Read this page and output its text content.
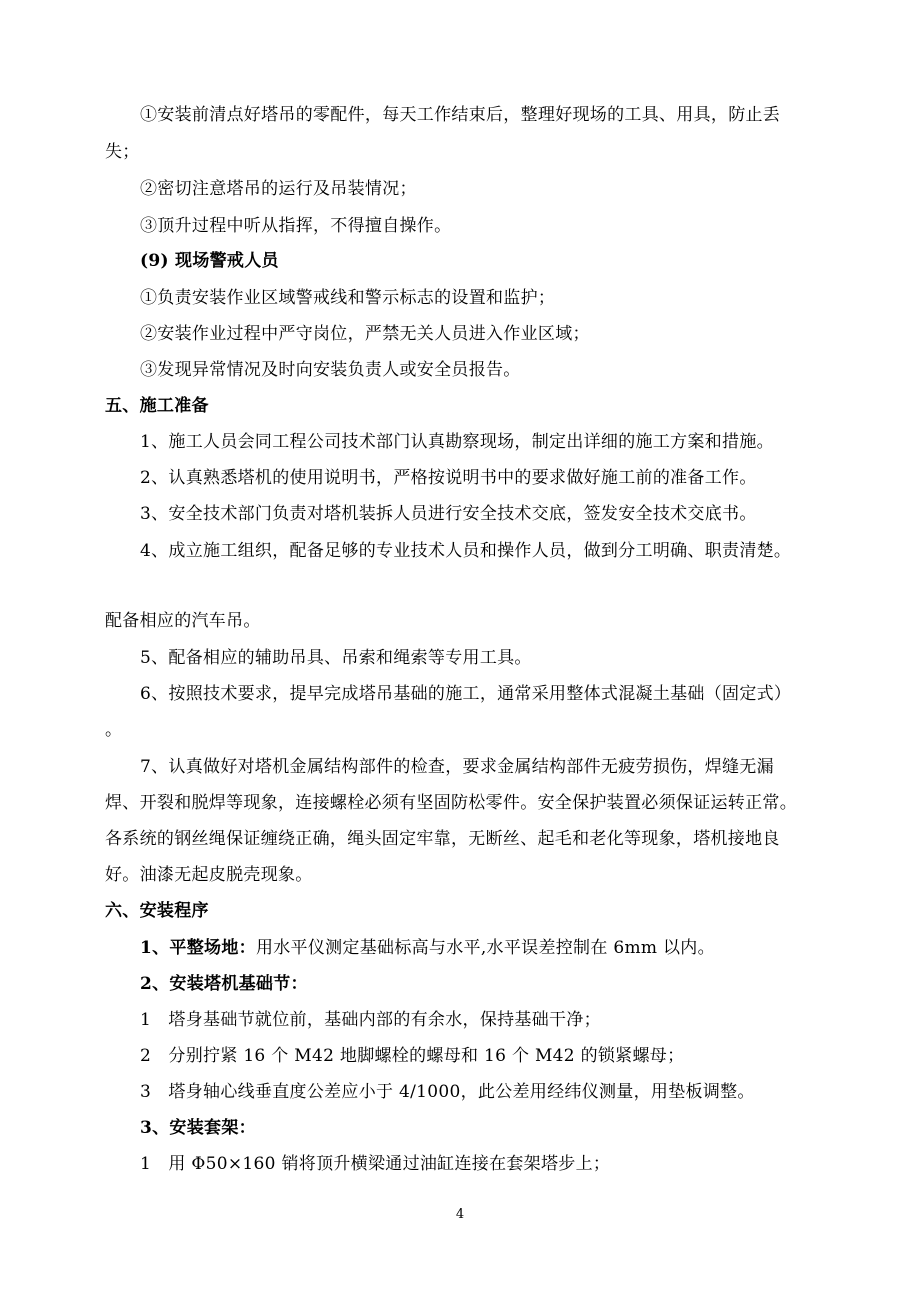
①安装前清点好塔吊的零配件，每天工作结束后，整理好现场的工具、用具，防止丢
失；
②密切注意塔吊的运行及吊装情况；
③顶升过程中听从指挥，不得擅自操作。
(9) 现场警戒人员
①负责安装作业区域警戒线和警示标志的设置和监护；
②安装作业过程中严守岗位，严禁无关人员进入作业区域；
③发现异常情况及时向安装负责人或安全员报告。
五、施工准备
1、施工人员会同工程公司技术部门认真勘察现场，制定出详细的施工方案和措施。
2、认真熟悉塔机的使用说明书，严格按说明书中的要求做好施工前的准备工作。
3、安全技术部门负责对塔机装拆人员进行安全技术交底，签发安全技术交底书。
4、成立施工组织，配备足够的专业技术人员和操作人员，做到分工明确、职责清楚。
配备相应的汽车吊。
5、配备相应的辅助吊具、吊索和绳索等专用工具。
6、按照技术要求，提早完成塔吊基础的施工，通常采用整体式混凝土基础（固定式）
。
7、认真做好对塔机金属结构部件的检查，要求金属结构部件无疲劳损伤，焊缝无漏
焊、开裂和脱焊等现象，连接螺栓必须有坚固防松零件。安全保护装置必须保证运转正常。
各系统的钢丝绳保证缠绕正确，绳头固定牢靠，无断丝、起毛和老化等现象，塔机接地良
好。油漆无起皮脱壳现象。
六、安装程序
1、平整场地：用水平仪测定基础标高与水平,水平误差控制在 6mm 以内。
2、安装塔机基础节：
1　塔身基础节就位前，基础内部的有余水，保持基础干净；
2　分别拧紧 16 个 M42 地脚螺栓的螺母和 16 个 M42 的锁紧螺母；
3　塔身轴心线垂直度公差应小于 4/1000，此公差用经纬仪测量，用垫板调整。
3、安装套架：
1　用 Φ50×160 销将顶升横梁通过油缸连接在套架塔步上；
4
